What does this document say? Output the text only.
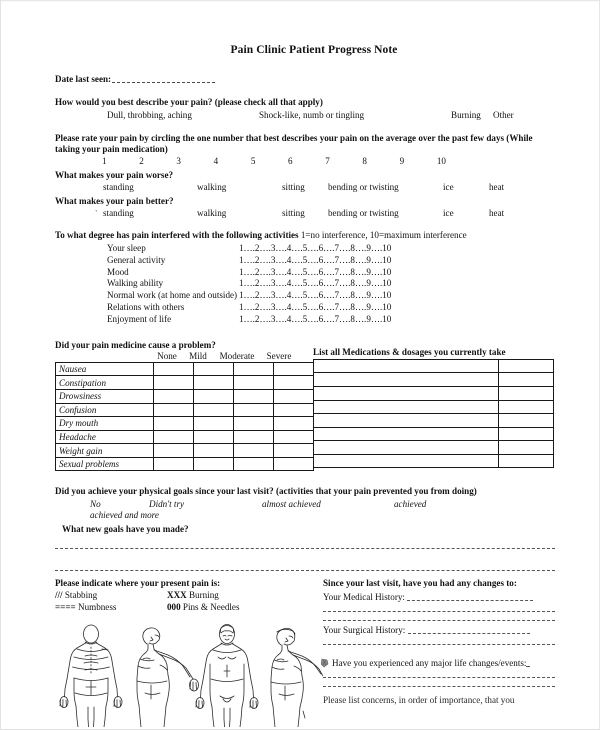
Pain Clinic Patient Progress Note
Date last seen:
How would you best describe your pain? (please check all that apply)
Dull, throbbing, aching	Shock-like, numb or tingling	Burning Other
Please rate your pain by circling the one number that best describes your pain on the average over the past few days (While taking your pain medication)
1	2	3	4	5	6	7	8	9	10
What makes your pain worse?
standing	walking	sitting	bending or twisting	ice	heat
What makes your pain better?
` standing	walking	sitting	bending or twisting	ice	heat
To what degree has pain interfered with the following activities 1=no interference, 10=maximum interference
Your sleep	1….2….3….4….5….6….7….8….9….10
General activity	1….2….3….4….5….6….7….8….9….10
Mood	1….2….3….4….5….6….7….8….9….10
Walking ability	1….2….3….4….5….6….7….8….9….10
Normal work (at home and outside) 1….2….3….4….5….6….7….8….9….10
Relations with others	1….2….3….4….5….6….7….8….9….10
Enjoyment of life	1….2….3….4….5….6….7….8….9….10
Did your pain medicine cause a problem?
None	Mild	Moderate	Severe
Nausea				
Constipation				
Drowsiness				
Confusion				
Dry mouth				
Headache				
Weight gain				
Sexual problems				
List all Medications & dosages you currently take

Did you achieve your physical goals since your last visit? (activities that your pain prevented you from doing)
No	Didn't try	almost achieved	achievedachieved and more
What new goals have you made?
Please indicate where your present pain is:
/// Stabbing	XXX Burning
==== Numbness	000 Pins & Needles
Since your last visit, have you had any changes to:
Your Medical History:
Your Surgical History:
Have you experienced any major life changes/events:
Please list concerns, in order of importance, that you
